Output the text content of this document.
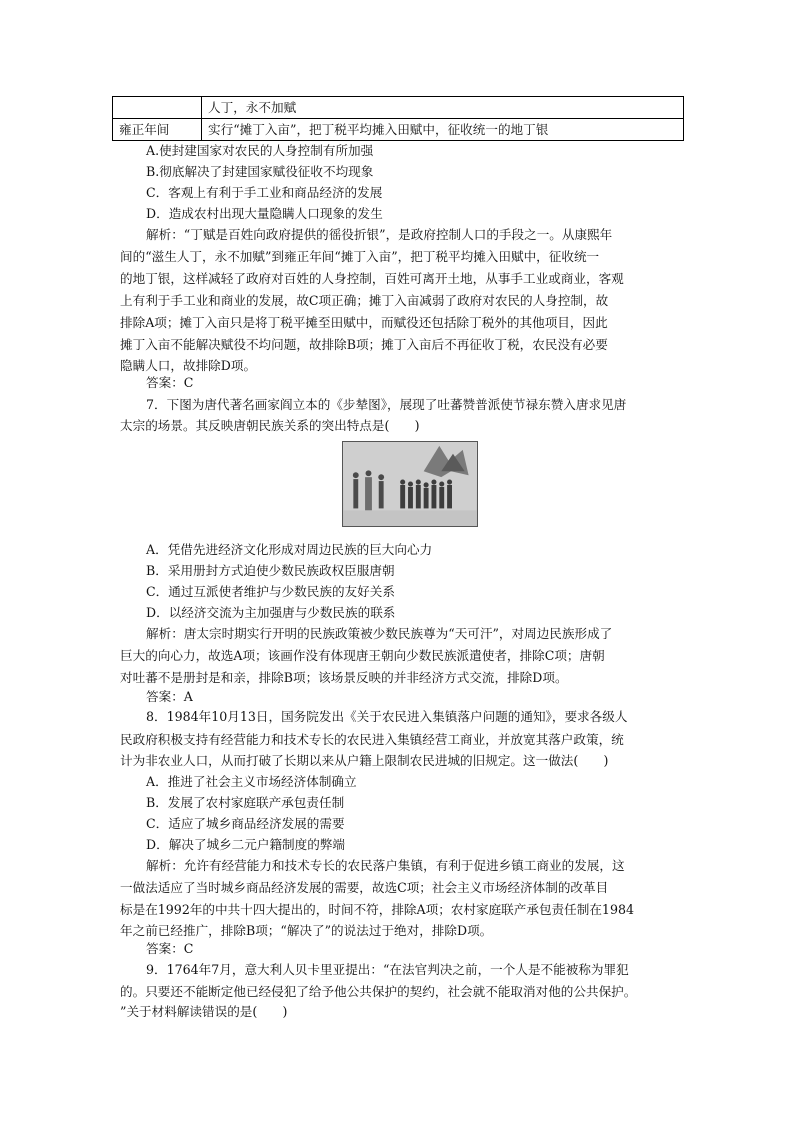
	人丁，永不加赋
雍正年间	实行“摊丁入亩”，把丁税平均摊入田赋中，征收统一的地丁银
A.使封建国家对农民的人身控制有所加强
B.彻底解决了封建国家赋役征收不均现象
C．客观上有利于手工业和商品经济的发展
D．造成农村出现大量隐瞒人口现象的发生
解析：“丁赋是百姓向政府提供的徭役折银”，是政府控制人口的手段之一。从康熙年
间的“滋生人丁，永不加赋”到雍正年间“摊丁入亩”，把丁税平均摊入田赋中，征收统一
的地丁银，这样减轻了政府对百姓的人身控制，百姓可离开土地，从事手工业或商业，客观
上有利于手工业和商业的发展，故C项正确；摊丁入亩减弱了政府对农民的人身控制，故
排除A项；摊丁入亩只是将丁税平摊至田赋中，而赋役还包括除丁税外的其他项目，因此
摊丁入亩不能解决赋役不均问题，故排除B项；摊丁入亩后不再征收丁税，农民没有必要
隐瞒人口，故排除D项。
答案：C
7．下图为唐代著名画家阎立本的《步辇图》，展现了吐蕃赞普派使节禄东赞入唐求见唐
太宗的场景。其反映唐朝民族关系的突出特点是(　　)
A．凭借先进经济文化形成对周边民族的巨大向心力
B．采用册封方式迫使少数民族政权臣服唐朝
C．通过互派使者维护与少数民族的友好关系
D．以经济交流为主加强唐与少数民族的联系
解析：唐太宗时期实行开明的民族政策被少数民族尊为“天可汗”，对周边民族形成了
巨大的向心力，故选A项；该画作没有体现唐王朝向少数民族派遣使者，排除C项；唐朝
对吐蕃不是册封是和亲，排除B项；该场景反映的并非经济方式交流，排除D项。
答案：A
8．1984年10月13日，国务院发出《关于农民进入集镇落户问题的通知》，要求各级人
民政府积极支持有经营能力和技术专长的农民进入集镇经营工商业，并放宽其落户政策，统
计为非农业人口，从而打破了长期以来从户籍上限制农民进城的旧规定。这一做法(　　)
A．推进了社会主义市场经济体制确立
B．发展了农村家庭联产承包责任制
C．适应了城乡商品经济发展的需要
D．解决了城乡二元户籍制度的弊端
解析：允许有经营能力和技术专长的农民落户集镇，有利于促进乡镇工商业的发展，这
一做法适应了当时城乡商品经济发展的需要，故选C项；社会主义市场经济体制的改革目
标是在1992年的中共十四大提出的，时间不符，排除A项；农村家庭联产承包责任制在1984
年之前已经推广，排除B项；“解决了”的说法过于绝对，排除D项。
答案：C
9．1764年7月，意大利人贝卡里亚提出：“在法官判决之前，一个人是不能被称为罪犯
的。只要还不能断定他已经侵犯了给予他公共保护的契约，社会就不能取消对他的公共保护。
”关于材料解读错误的是(　　)
